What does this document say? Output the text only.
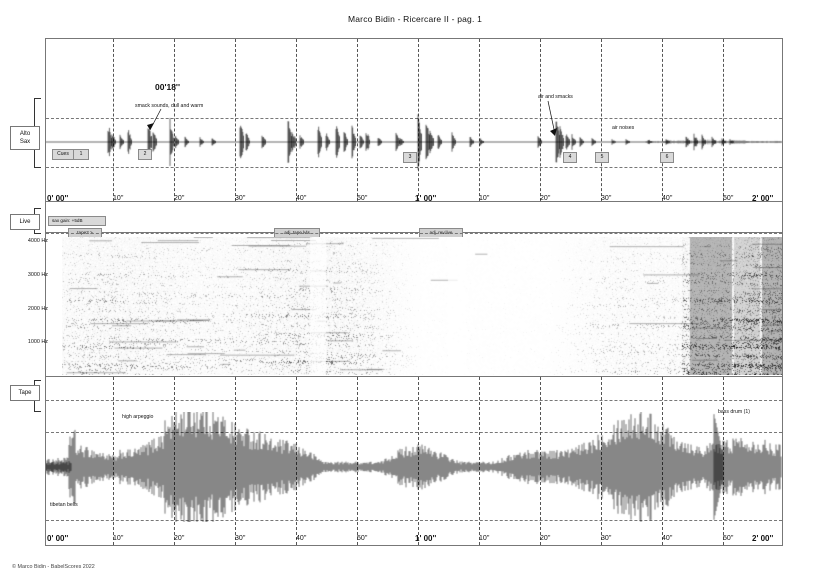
Marco Bidin - Ricercare II - pag. 1
Alto
Sax
Live
Tape
00'18''
smack sounds, dull and warm
air and smacks
air noises
Cues	1	2	3	4	5	6
0' 00''	10''	20''	30''	40''	50''	1' 00''	10''	20''	30''	40''	50'' 2' 00''
sax gain: +5dB
tape2 >	adj. tape lvls	adj. rev.live
4000 Hz
3000 Hz
2000 Hz
1000 Hz
high arpeggio
bass drum (1)
tibetan bells
0' 00''	10''	20''	30''	40''	50''	1' 00''	10''	20''	30''	40''	50'' 2' 00''
© Marco Bidin - BabelScores 2022
